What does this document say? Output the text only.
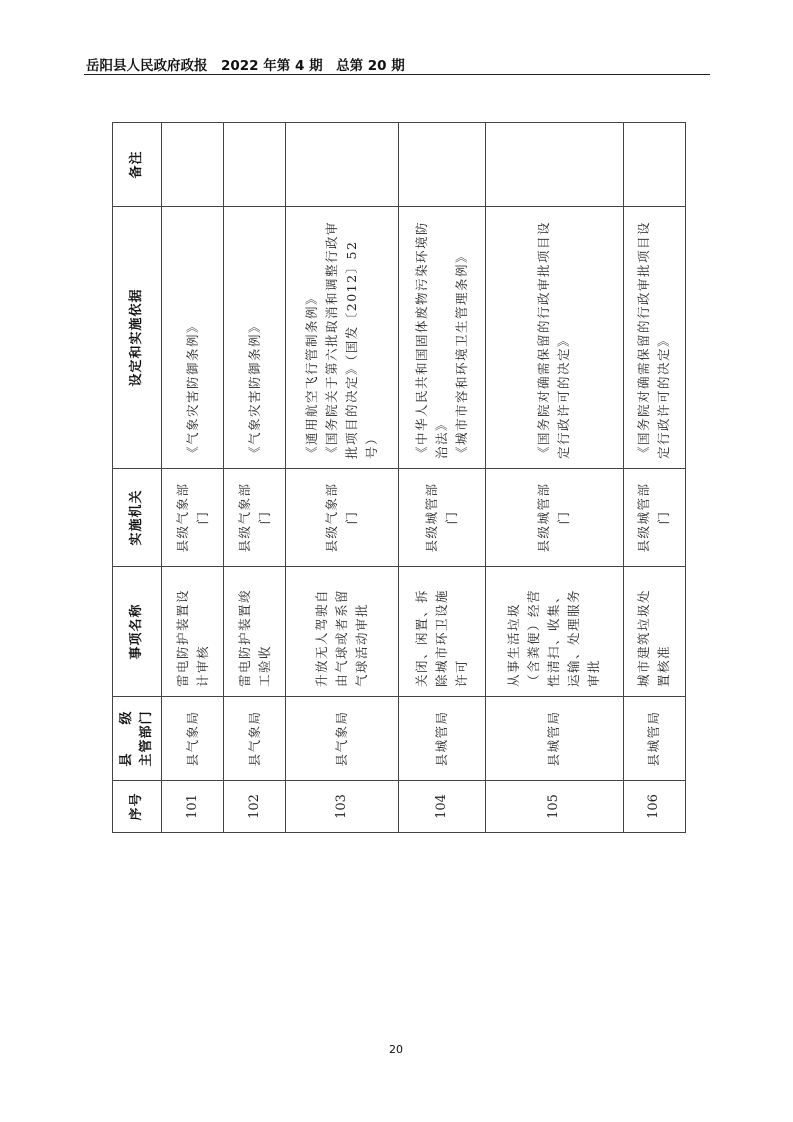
岳阳县人民政府政报　2022 年第 4 期　总第 20 期
序号	县　　级 主管部门	事项名称	实施机关	设定和实施依据	备注
101	县气象局	雷电防护装置设计审核	县级气象部门	《气象灾害防御条例》	

102	县气象局	雷电防护装置竣工验收	县级气象部门	《气象灾害防御条例》	

103	县气象局	升放无人驾驶自由气球或者系留气球活动审批	县级气象部门	《通用航空飞行管制条例》 《国务院关于第六批取消和调整行政审批项目的决定》（国发〔2012〕52 号）	

104	县城管局	关闭、闲置、拆除城市环卫设施许可	县级城管部门	《中华人民共和国固体废物污染环境防治法》 《城市市容和环境卫生管理条例》	

105	县城管局	从事生活垃圾（含粪便）经营性清扫、收集、运输、处理服务审批	县级城管部门	《国务院对确需保留的行政审批项目设定行政许可的决定》	

106	县城管局	城市建筑垃圾处置核准	县级城管部门	《国务院对确需保留的行政审批项目设定行政许可的决定》	

20
